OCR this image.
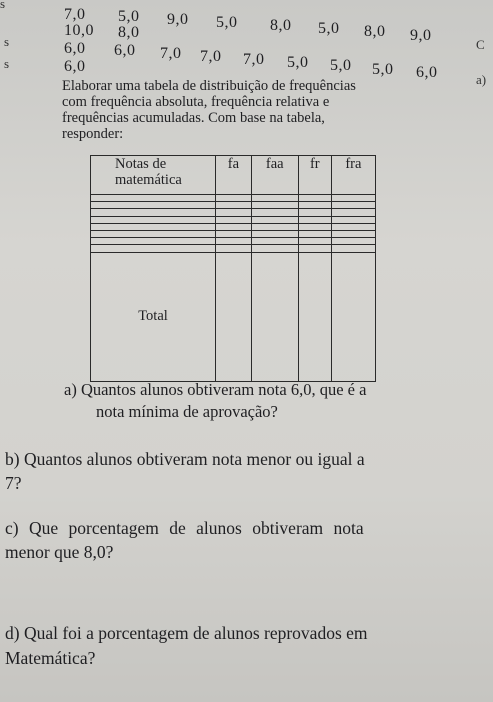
s
s
s
C
a)
7,0 5,0 9,0 5,0 8,0 5,0 8,0 9,0
10,0 8,0
6,0 6,0 7,0 7,0 7,0 5,0 5,0 5,0 6,0
6,0
Elaborar uma tabela de distribuição de frequências
com frequência absoluta, frequência relativa e
frequências acumuladas. Com base na tabela,
responder:
Notas de matemática	fa	faa	fr	fra

Total				
a) Quantos alunos obtiveram nota 6,0, que é a
nota mínima de aprovação?
b) Quantos alunos obtiveram nota menor ou igual a
7?
c) Que porcentagem de alunos obtiveram nota
menor que 8,0?
d) Qual foi a porcentagem de alunos reprovados em
Matemática?
